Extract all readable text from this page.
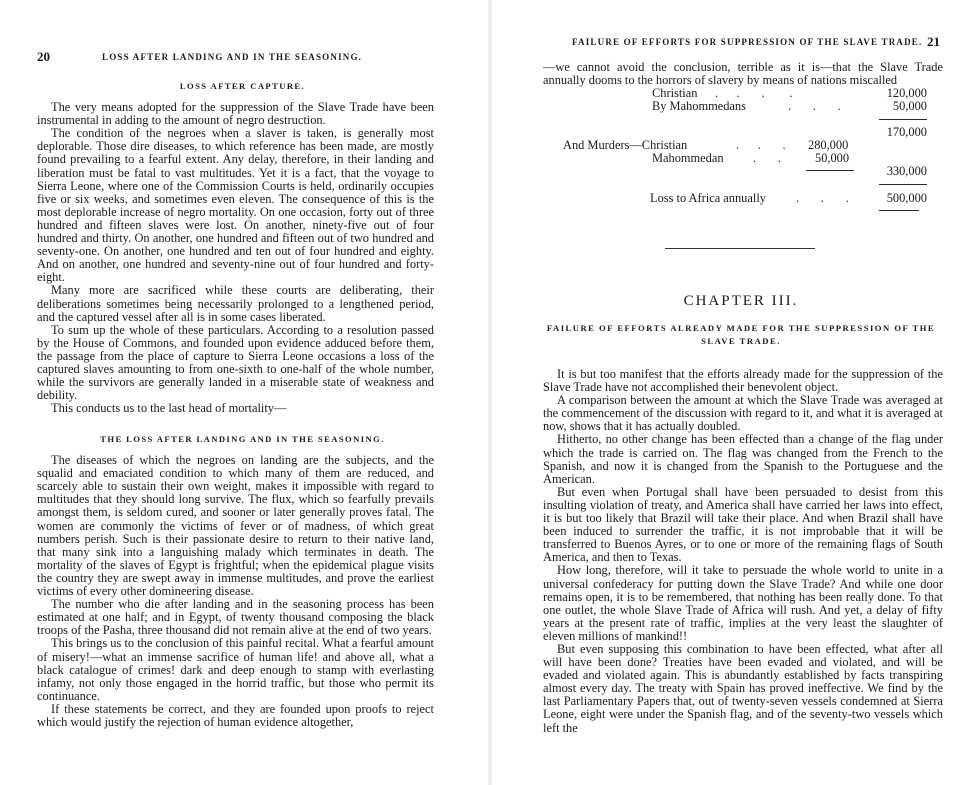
20	LOSS AFTER LANDING AND IN THE SEASONING.

LOSS AFTER CAPTURE.

The very means adopted for the suppression of the Slave Trade have been instrumental in adding to the amount of negro destruction.

The condition of the negroes when a slaver is taken, is generally most deplorable. Those dire diseases, to which reference has been made, are mostly found prevailing to a fearful extent. Any delay, therefore, in their landing and liberation must be fatal to vast multitudes. Yet it is a fact, that the voyage to Sierra Leone, where one of the Commission Courts is held, ordinarily occupies five or six weeks, and sometimes even eleven. The consequence of this is the most deplorable increase of negro mortality. On one occasion, forty out of three hundred and fifteen slaves were lost. On another, ninety-five out of four hundred and thirty. On another, one hundred and fifteen out of two hundred and seventy-one. On another, one hundred and ten out of four hundred and eighty. And on another, one hundred and seventy-nine out of four hundred and forty-eight.

Many more are sacrificed while these courts are deliberating, their deliberations sometimes being necessarily prolonged to a lengthened period, and the captured vessel after all is in some cases liberated.

To sum up the whole of these particulars. According to a resolution passed by the House of Commons, and founded upon evidence adduced before them, the passage from the place of capture to Sierra Leone occasions a loss of the captured slaves amounting to from one-sixth to one-half of the whole number, while the survivors are generally landed in a miserable state of weakness and debility.

This conducts us to the last head of mortality—

THE LOSS AFTER LANDING AND IN THE SEASONING.

The diseases of which the negroes on landing are the subjects, and the squalid and emaciated condition to which many of them are reduced, and scarcely able to sustain their own weight, makes it impossible with regard to multitudes that they should long survive. The flux, which so fearfully prevails amongst them, is seldom cured, and sooner or later generally proves fatal. The women are commonly the victims of fever or of madness, of which great numbers perish. Such is their passionate desire to return to their native land, that many sink into a languishing malady which terminates in death. The mortality of the slaves of Egypt is frightful; when the epidemical plague visits the country they are swept away in immense multitudes, and prove the earliest victims of every other domineering disease.

The number who die after landing and in the seasoning process has been estimated at one half; and in Egypt, of twenty thousand composing the black troops of the Pasha, three thousand did not remain alive at the end of two years.

This brings us to the conclusion of this painful recital. What a fearful amount of misery!—what an immense sacrifice of human life! and above all, what a black catalogue of crimes! dark and deep enough to stamp with everlasting infamy, not only those engaged in the horrid traffic, but those who permit its continuance.

If these statements be correct, and they are founded upon proofs to reject which would justify the rejection of human evidence altogether,

FAILURE OF EFFORTS FOR SUPPRESSION OF THE SLAVE TRADE. 21

—we cannot avoid the conclusion, terrible as it is—that the Slave Trade annually dooms to the horrors of slavery by means of nations miscalled

Christian .      .       .        .	120,000
By Mahommedans	.       .       .	50,000
170,000
And Murders—Christian	.      .       . 280,000
Mahommedan .       .	50,000
330,000
Loss to Africa annually .       .       .	500,000
CHAPTER III.
FAILURE OF EFFORTS ALREADY MADE FOR THE SUPPRESSION OF THE SLAVE TRADE.

It is but too manifest that the efforts already made for the suppression of the Slave Trade have not accomplished their benevolent object.

A comparison between the amount at which the Slave Trade was averaged at the commencement of the discussion with regard to it, and what it is averaged at now, shows that it has actually doubled.

Hitherto, no other change has been effected than a change of the flag under which the trade is carried on. The flag was changed from the French to the Spanish, and now it is changed from the Spanish to the Portuguese and the American.

But even when Portugal shall have been persuaded to desist from this insulting violation of treaty, and America shall have carried her laws into effect, it is but too likely that Brazil will take their place. And when Brazil shall have been induced to surrender the traffic, it is not improbable that it will be transferred to Buenos Ayres, or to one or more of the remaining flags of South America, and then to Texas.

How long, therefore, will it take to persuade the whole world to unite in a universal confederacy for putting down the Slave Trade? And while one door remains open, it is to be remembered, that nothing has been really done. To that one outlet, the whole Slave Trade of Africa will rush. And yet, a delay of fifty years at the present rate of traffic, implies at the very least the slaughter of eleven millions of mankind!!

But even supposing this combination to have been effected, what after all will have been done? Treaties have been evaded and violated, and will be evaded and violated again. This is abundantly established by facts transpiring almost every day. The treaty with Spain has proved ineffective. We find by the last Parliamentary Papers that, out of twenty-seven vessels condemned at Sierra Leone, eight were under the Spanish flag, and of the seventy-two vessels which left the
